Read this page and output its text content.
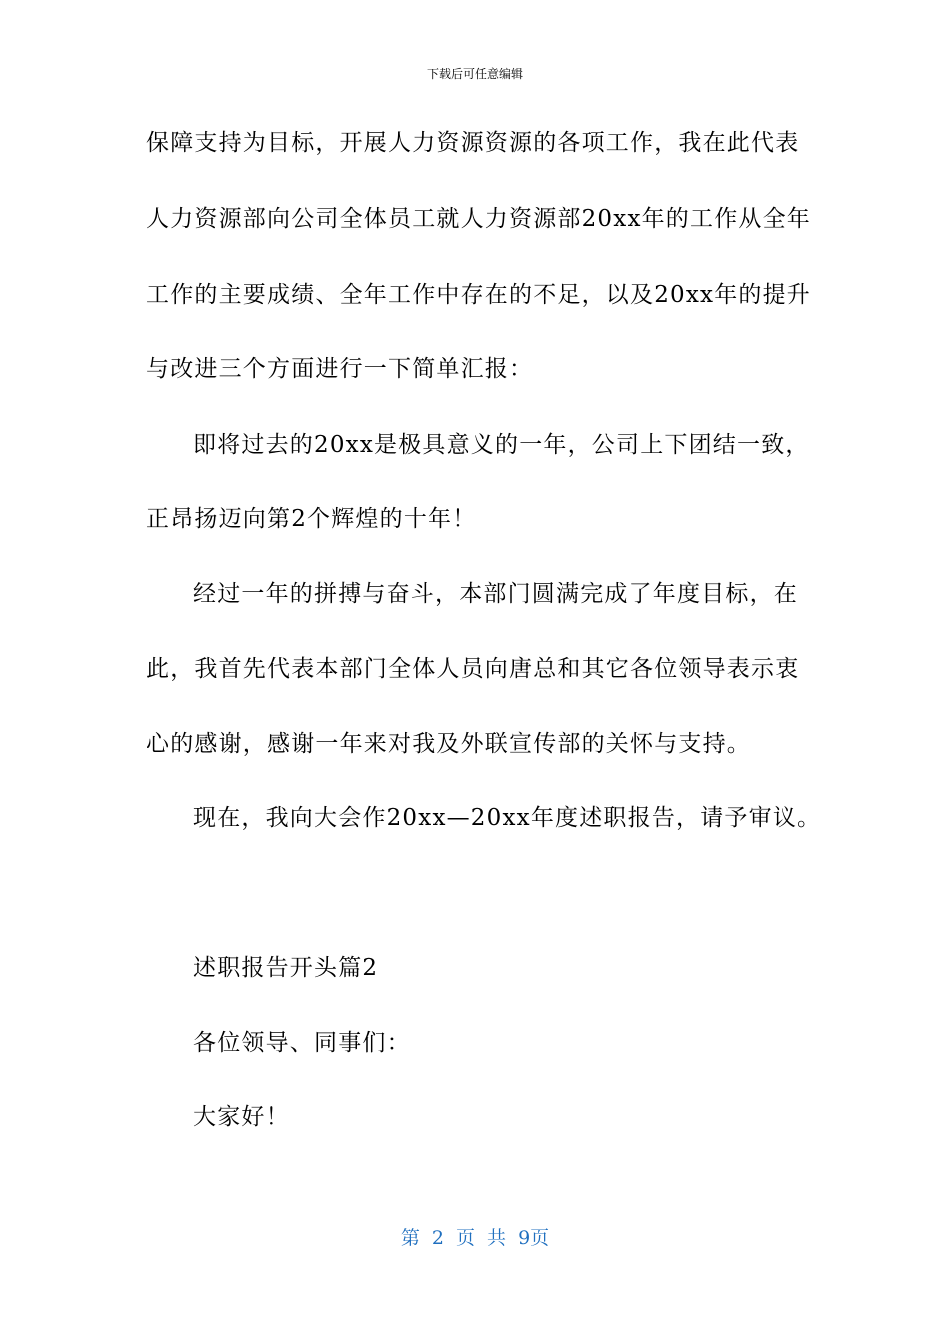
下载后可任意编辑
保障支持为目标，开展人力资源资源的各项工作，我在此代表
人力资源部向公司全体员工就人力资源部20xx年的工作从全年
工作的主要成绩、全年工作中存在的不足，以及20xx年的提升
与改进三个方面进行一下简单汇报：
即将过去的20xx是极具意义的一年，公司上下团结一致，
正昂扬迈向第2个辉煌的十年！
经过一年的拼搏与奋斗，本部门圆满完成了年度目标，在
此，我首先代表本部门全体人员向唐总和其它各位领导表示衷
心的感谢，感谢一年来对我及外联宣传部的关怀与支持。
现在，我向大会作20xx—20xx年度述职报告，请予审议。
述职报告开头篇2
各位领导、同事们：
大家好！
第 2 页 共 9页
